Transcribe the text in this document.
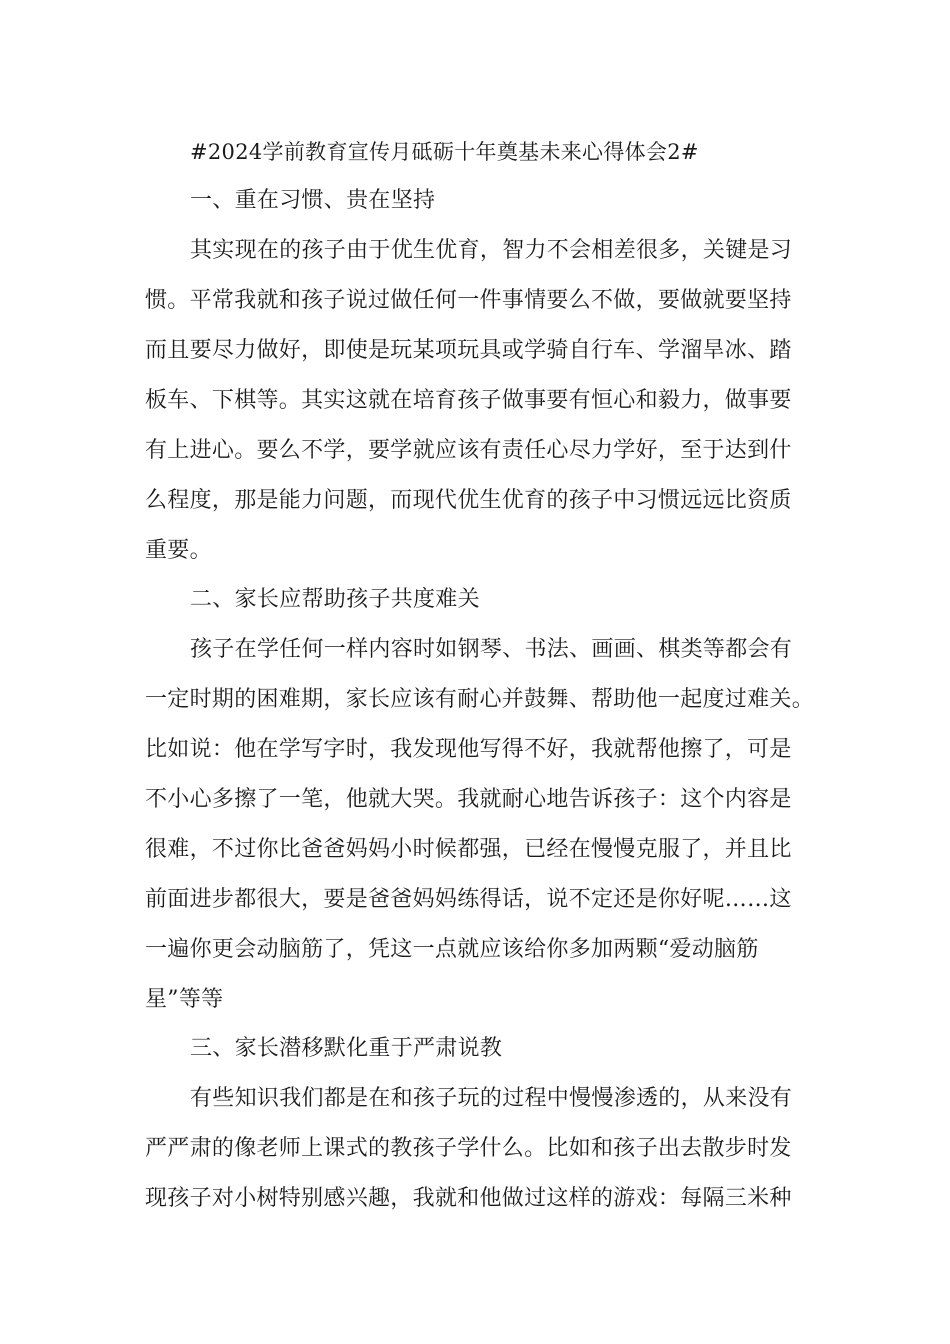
#2024学前教育宣传月砥砺十年奠基未来心得体会2#
一、重在习惯、贵在坚持
其实现在的孩子由于优生优育，智力不会相差很多，关键是习
惯。平常我就和孩子说过做任何一件事情要么不做，要做就要坚持
而且要尽力做好，即使是玩某项玩具或学骑自行车、学溜旱冰、踏
板车、下棋等。其实这就在培育孩子做事要有恒心和毅力，做事要
有上进心。要么不学，要学就应该有责任心尽力学好，至于达到什
么程度，那是能力问题，而现代优生优育的孩子中习惯远远比资质
重要。
二、家长应帮助孩子共度难关
孩子在学任何一样内容时如钢琴、书法、画画、棋类等都会有
一定时期的困难期，家长应该有耐心并鼓舞、帮助他一起度过难关。
比如说：他在学写字时，我发现他写得不好，我就帮他擦了，可是
不小心多擦了一笔，他就大哭。我就耐心地告诉孩子：这个内容是
很难，不过你比爸爸妈妈小时候都强，已经在慢慢克服了，并且比
前面进步都很大，要是爸爸妈妈练得话，说不定还是你好呢……这
一遍你更会动脑筋了，凭这一点就应该给你多加两颗“爱动脑筋
星”等等
三、家长潜移默化重于严肃说教
有些知识我们都是在和孩子玩的过程中慢慢渗透的，从来没有
严严肃的像老师上课式的教孩子学什么。比如和孩子出去散步时发
现孩子对小树特别感兴趣，我就和他做过这样的游戏：每隔三米种
